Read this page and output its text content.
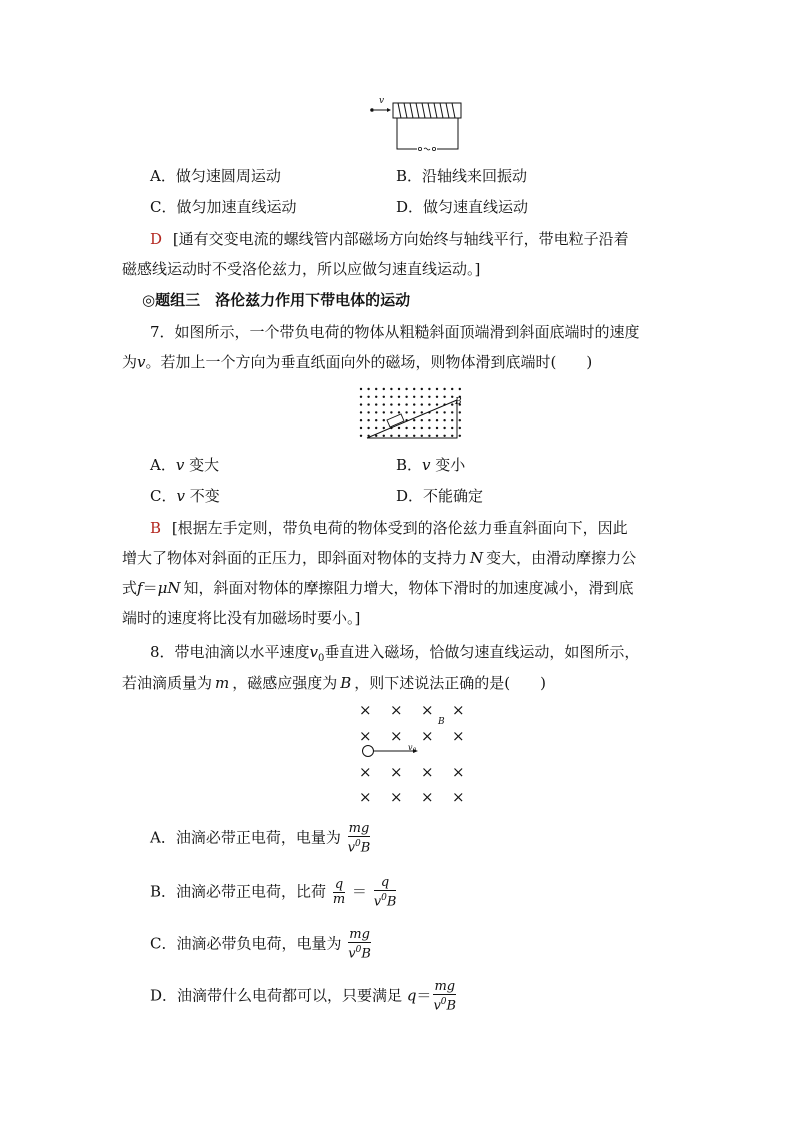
v
A．做匀速圆周运动	B．沿轴线来回振动
C．做匀加速直线运动	D．做匀速直线运动
D [通有交变电流的螺线管内部磁场方向始终与轴线平行，带电粒子沿着
磁感线运动时不受洛伦兹力，所以应做匀速直线运动。]
◎题组三　洛伦兹力作用下带电体的运动
7．如图所示，一个带负电荷的物体从粗糙斜面顶端滑到斜面底端时的速度
为v。若加上一个方向为垂直纸面向外的磁场，则物体滑到底端时(　　)
B
A．v 变大	B．v 变小
C．v 不变	D．不能确定
B [根据左手定则，带负电荷的物体受到的洛伦兹力垂直斜面向下，因此
增大了物体对斜面的正压力，即斜面对物体的支持力 N 变大，由滑动摩擦力公
式f＝μN 知，斜面对物体的摩擦阻力增大，物体下滑时的加速度减小，滑到底
端时的速度将比没有加磁场时要小。]
8．带电油滴以水平速度$v_0$垂直进入磁场，恰做匀速直线运动，如图所示，
若油滴质量为 m ，磁感应强度为 B ，则下述说法正确的是(　　)
× × × ×
× × × ×
× × × ×
× × × ×
B
$v_0$
A．油滴必带正电荷，电量为 $\frac{mg}{v^0B}$
B．油滴必带正电荷，比荷 $\frac{q}{m} = \frac{q}{v^0B}$
C．油滴必带负电荷，电量为 $\frac{mg}{v^0B}$
D．油滴带什么电荷都可以，只要满足 $q= \frac{mg}{v^0B}$
